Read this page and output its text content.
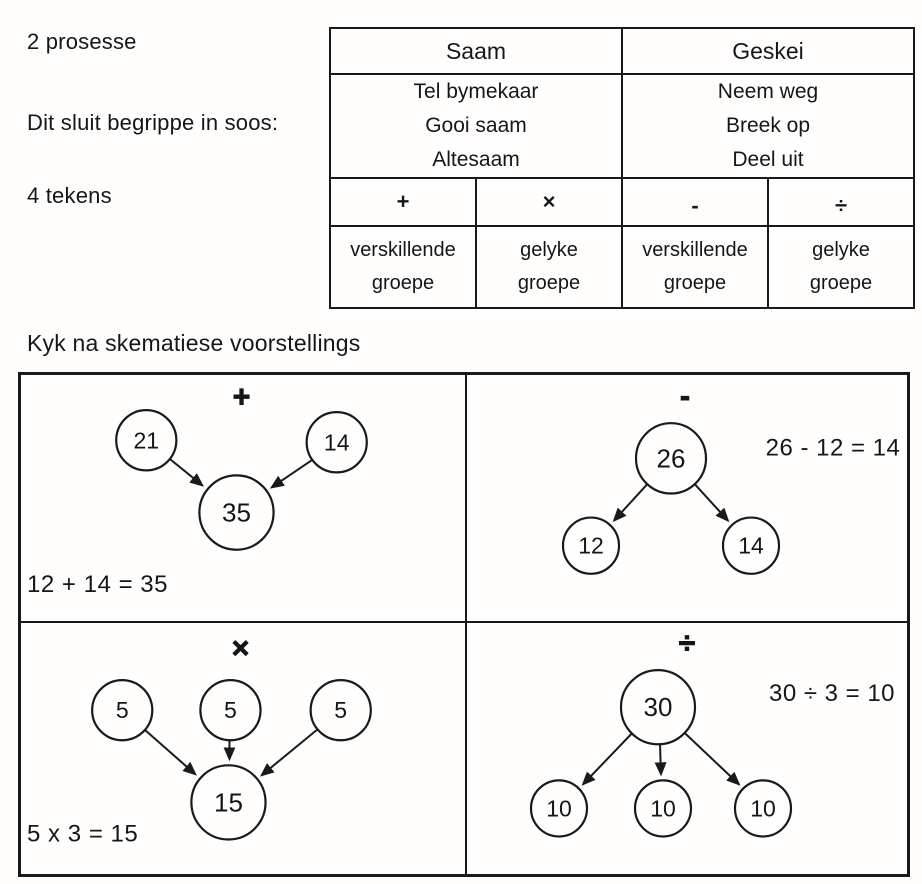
2 prosesse
Dit sluit begrippe in soos:
4 tekens
Saam		Geskei	

Tel bymekaar
Gooi saam
Altesaam

Neem weg
Breek op
Deel uit

+	×	-	÷

verskillende
groepe

gelyke
groepe

verskillende
groepe

gelyke
groepe
Kyk na skematiese voorstellings
+
21	14
35
12 + 14 = 35
-
26
12	14
26 - 12 = 14
×
5	5	5
15
5 x 3 = 15
÷
30
10	10	10
30 ÷ 3 = 10
